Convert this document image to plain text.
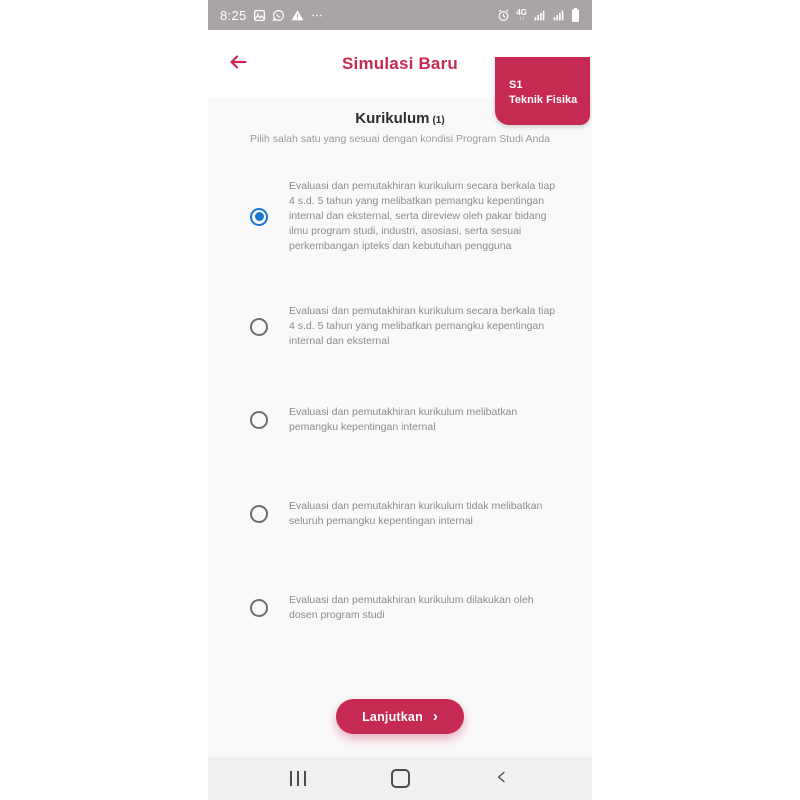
8:25	4G
↓↑
Simulasi Baru
S1
Teknik Fisika
Kurikulum (1)
Pilih salah satu yang sesuai dengan kondisi Program Studi Anda
Evaluasi dan pemutakhiran kurikulum secara berkala tiap 4 s.d. 5 tahun yang melibatkan pemangku kepentingan internal dan eksternal, serta direview oleh pakar bidang ilmu program studi, industri, asosiasi, serta sesuai perkembangan ipteks dan kebutuhan pengguna
Evaluasi dan pemutakhiran kurikulum secara berkala tiap 4 s.d. 5 tahun yang melibatkan pemangku kepentingan internal dan eksternal
Evaluasi dan pemutakhiran kurikulum melibatkan pemangku kepentingan internal
Evaluasi dan pemutakhiran kurikulum tidak melibatkan seluruh pemangku kepentingan internal
Evaluasi dan pemutakhiran kurikulum dilakukan oleh dosen program studi
Lanjutkan ›
